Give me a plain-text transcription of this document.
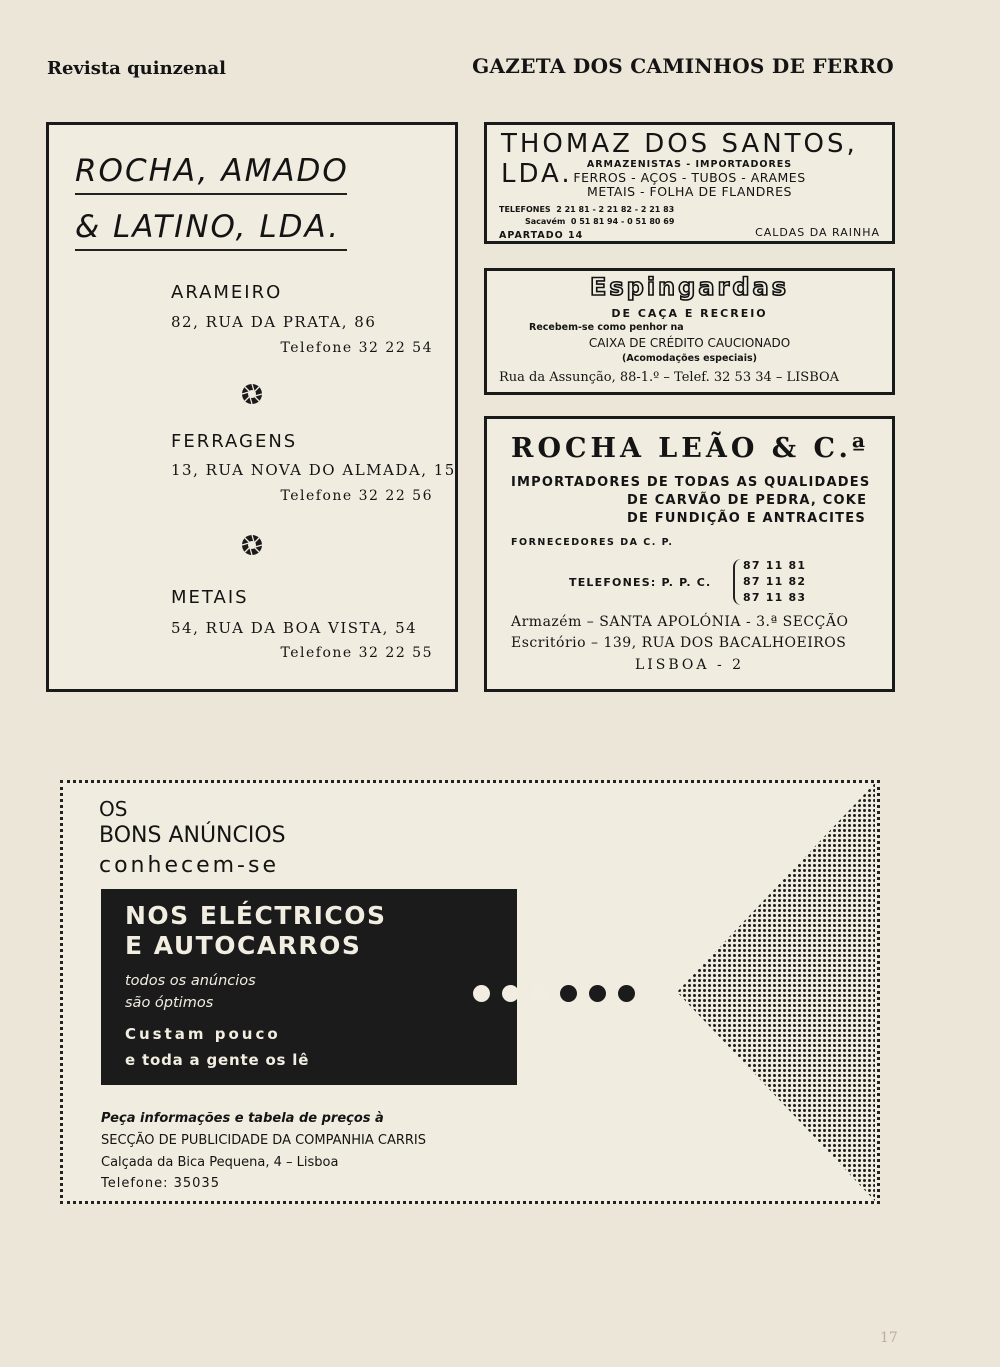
Revista quinzenal	GAZETA DOS CAMINHOS DE FERRO
ROCHA, AMADO
& LATINO, LDA.
ARAMEIRO
82, RUA DA PRATA, 86
Telefone 32 22 54
FERRAGENS
13, RUA NOVA DO ALMADA, 15
Telefone 32 22 56
METAIS
54, RUA DA BOA VISTA, 54
Telefone 32 22 55
THOMAZ DOS SANTOS, LDA.	ARMAZENISTAS - IMPORTADORES
FERROS - AÇOS - TUBOS - ARAMES
METAIS - FOLHA DE FLANDRES
TELEFONES 2 21 81 - 2 21 82 - 2 21 83
Sacavém 0 51 81 94 - 0 51 80 69
APARTADO 14	CALDAS DA RAINHA
Espingardas
DE CAÇA E RECREIO
Recebem-se como penhor na
CAIXA DE CRÉDITO CAUCIONADO
(Acomodações especiais)
Rua da Assunção, 88-1.º – Telef. 32 53 34 – LISBOA
ROCHA LEÃO & C.ª
IMPORTADORES DE TODAS AS QUALIDADES
DE CARVÃO DE PEDRA, COKE
DE FUNDIÇÃO E ANTRACITES
FORNECEDORES DA C. P.
TELEFONES: P. P. C.
87 11 81
87 11 82
87 11 83
Armazém – SANTA APOLÓNIA - 3.ª SECÇÃO
Escritório – 139, RUA DOS BACALHOEIROS
LISBOA - 2
OS
BONS ANÚNCIOS
conhecem-se
NOS ELÉCTRICOS
E AUTOCARROS
todos os anúncios
são óptimos
Custam pouco
e toda a gente os lê
Peça informações e tabela de preços à
SECÇÃO DE PUBLICIDADE DA COMPANHIA CARRIS
Calçada da Bica Pequena, 4 – Lisboa
Telefone: 35035
17
